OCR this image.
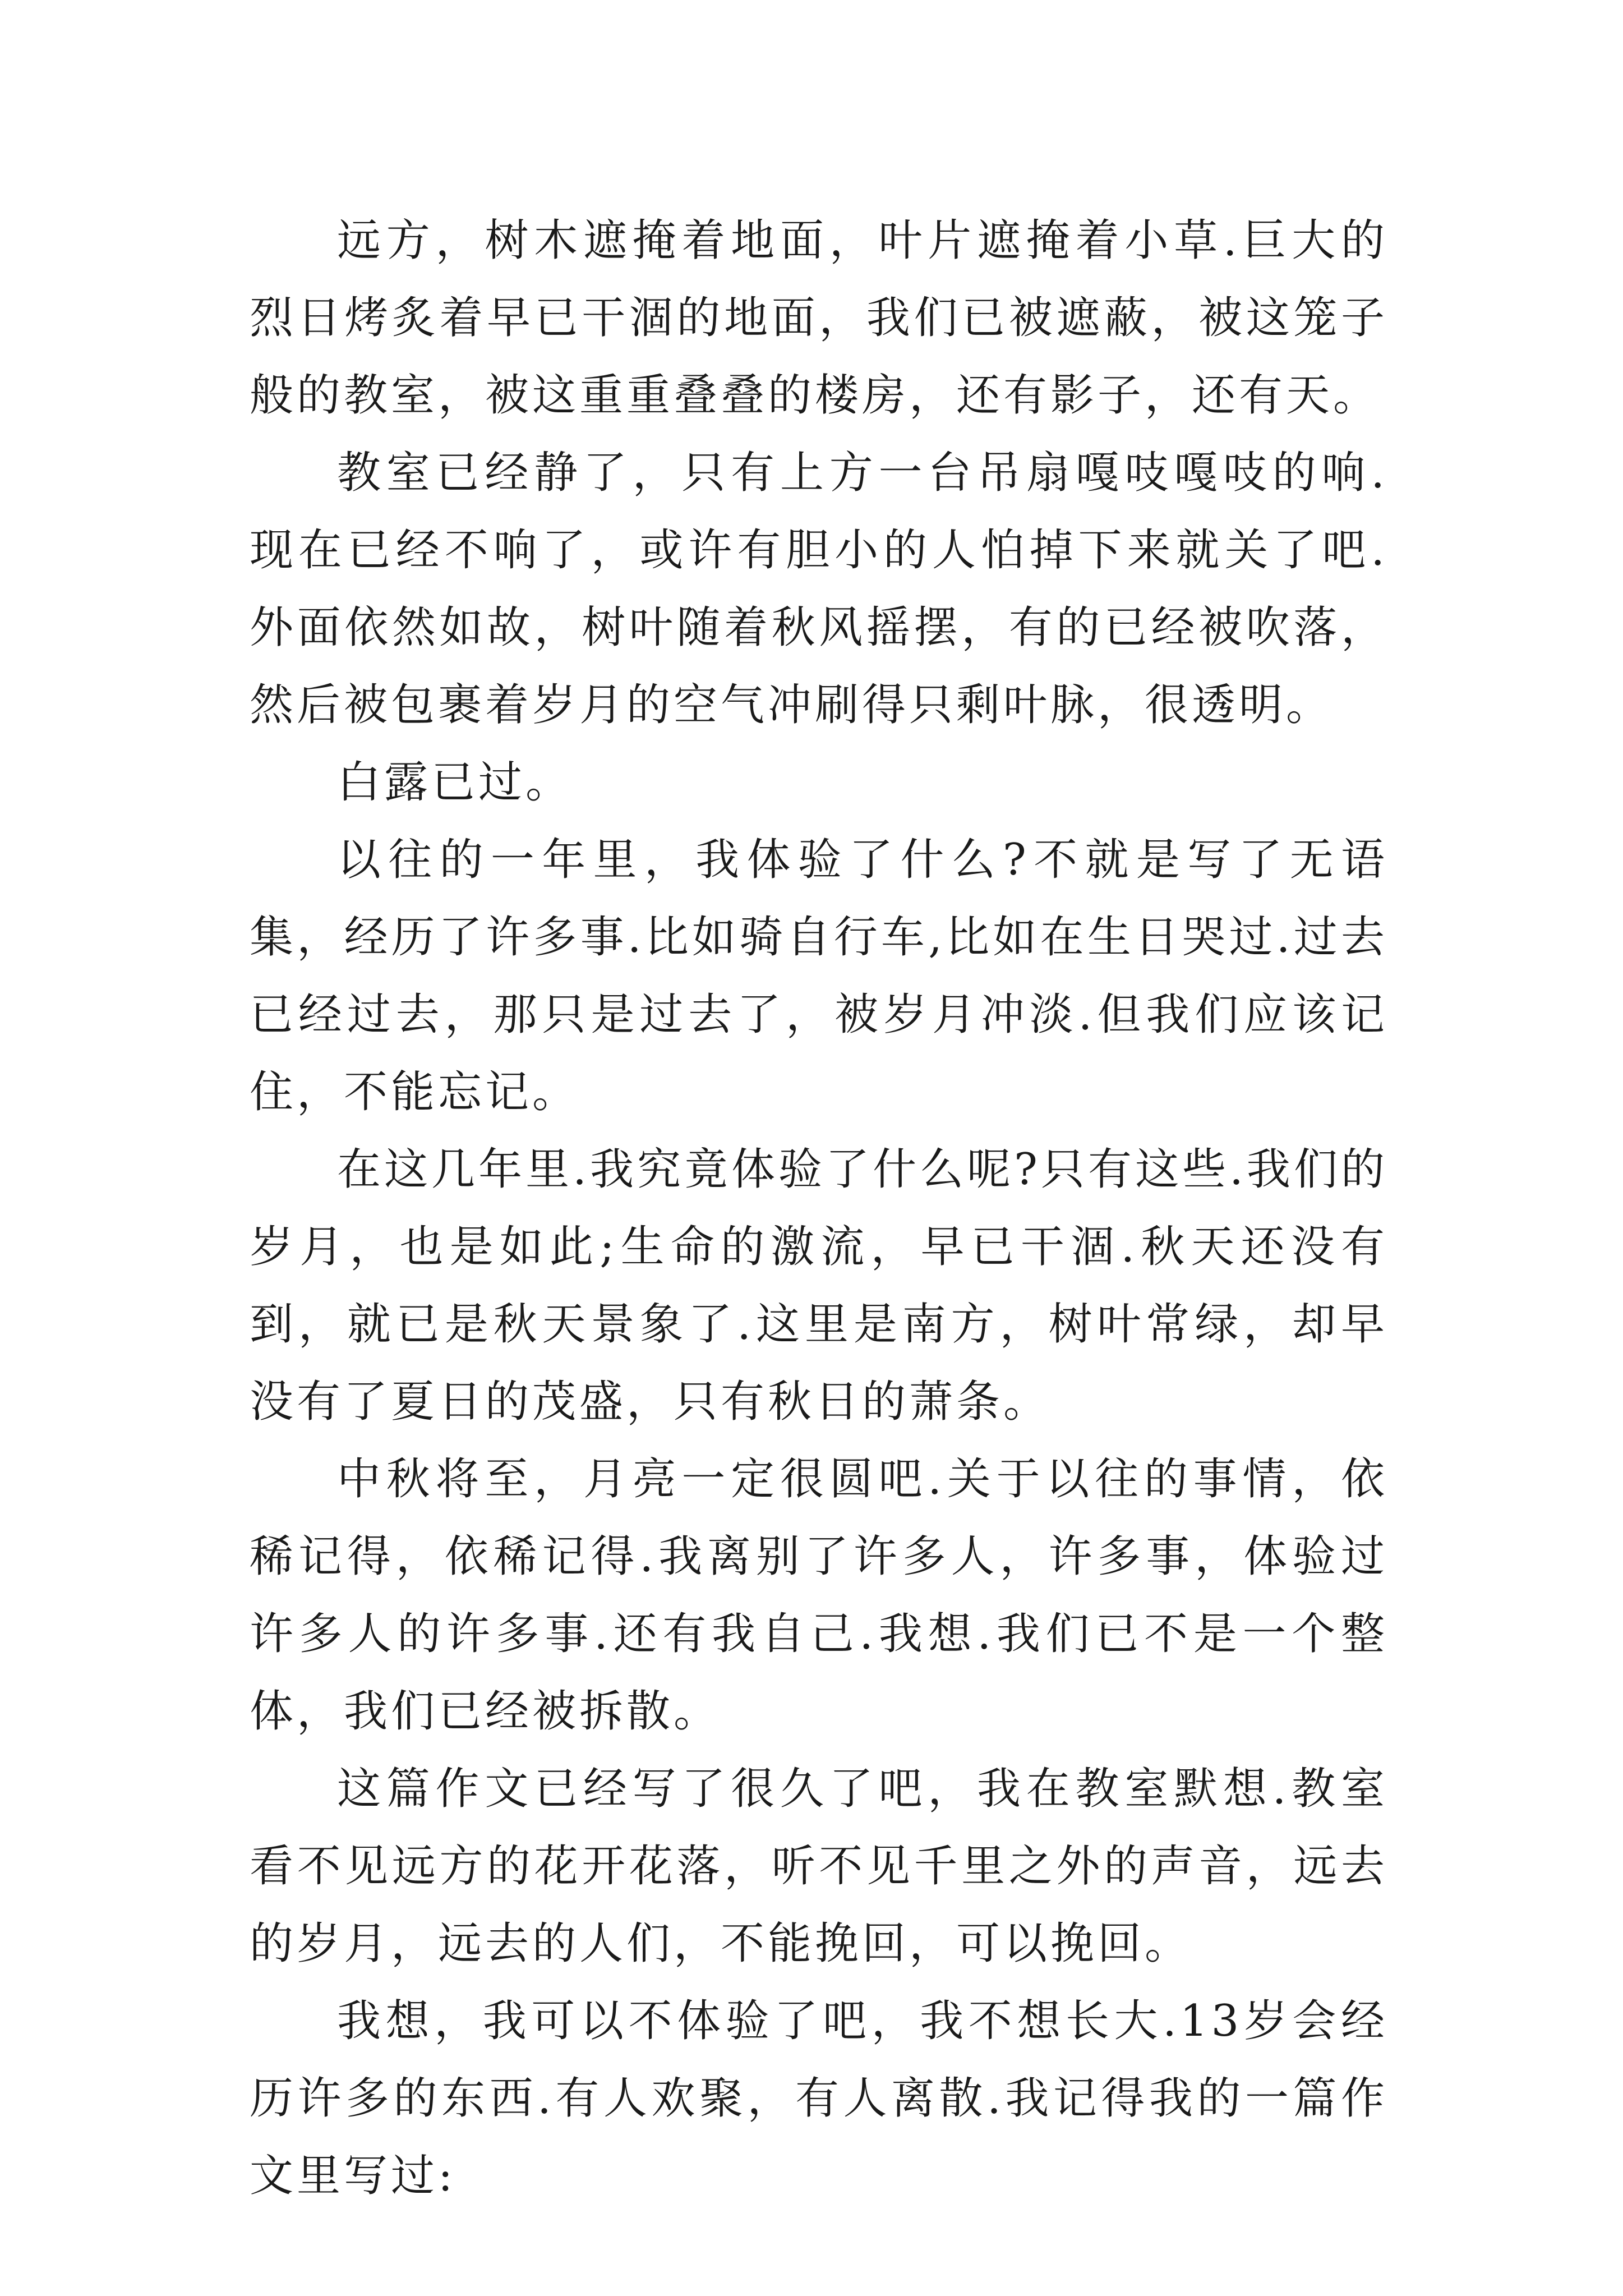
远方，树木遮掩着地面，叶片遮掩着小草.巨大的烈日烤炙着早已干涸的地面，我们已被遮蔽，被这笼子般的教室，被这重重叠叠的楼房，还有影子，还有天。

教室已经静了，只有上方一台吊扇嘎吱嘎吱的响.现在已经不响了，或许有胆小的人怕掉下来就关了吧.外面依然如故，树叶随着秋风摇摆，有的已经被吹落，然后被包裹着岁月的空气冲刷得只剩叶脉，很透明。

白露已过。

以往的一年里，我体验了什么?不就是写了无语集，经历了许多事.比如骑自行车,比如在生日哭过.过去已经过去，那只是过去了，被岁月冲淡.但我们应该记住，不能忘记。

在这几年里.我究竟体验了什么呢?只有这些.我们的岁月，也是如此;生命的激流，早已干涸.秋天还没有到，就已是秋天景象了.这里是南方，树叶常绿，却早没有了夏日的茂盛，只有秋日的萧条。

中秋将至，月亮一定很圆吧.关于以往的事情，依稀记得，依稀记得.我离别了许多人，许多事，体验过许多人的许多事.还有我自己.我想.我们已不是一个整体，我们已经被拆散。

这篇作文已经写了很久了吧，我在教室默想.教室看不见远方的花开花落，听不见千里之外的声音，远去的岁月，远去的人们，不能挽回，可以挽回。

我想，我可以不体验了吧，我不想长大.13岁会经历许多的东西.有人欢聚，有人离散.我记得我的一篇作文里写过:
